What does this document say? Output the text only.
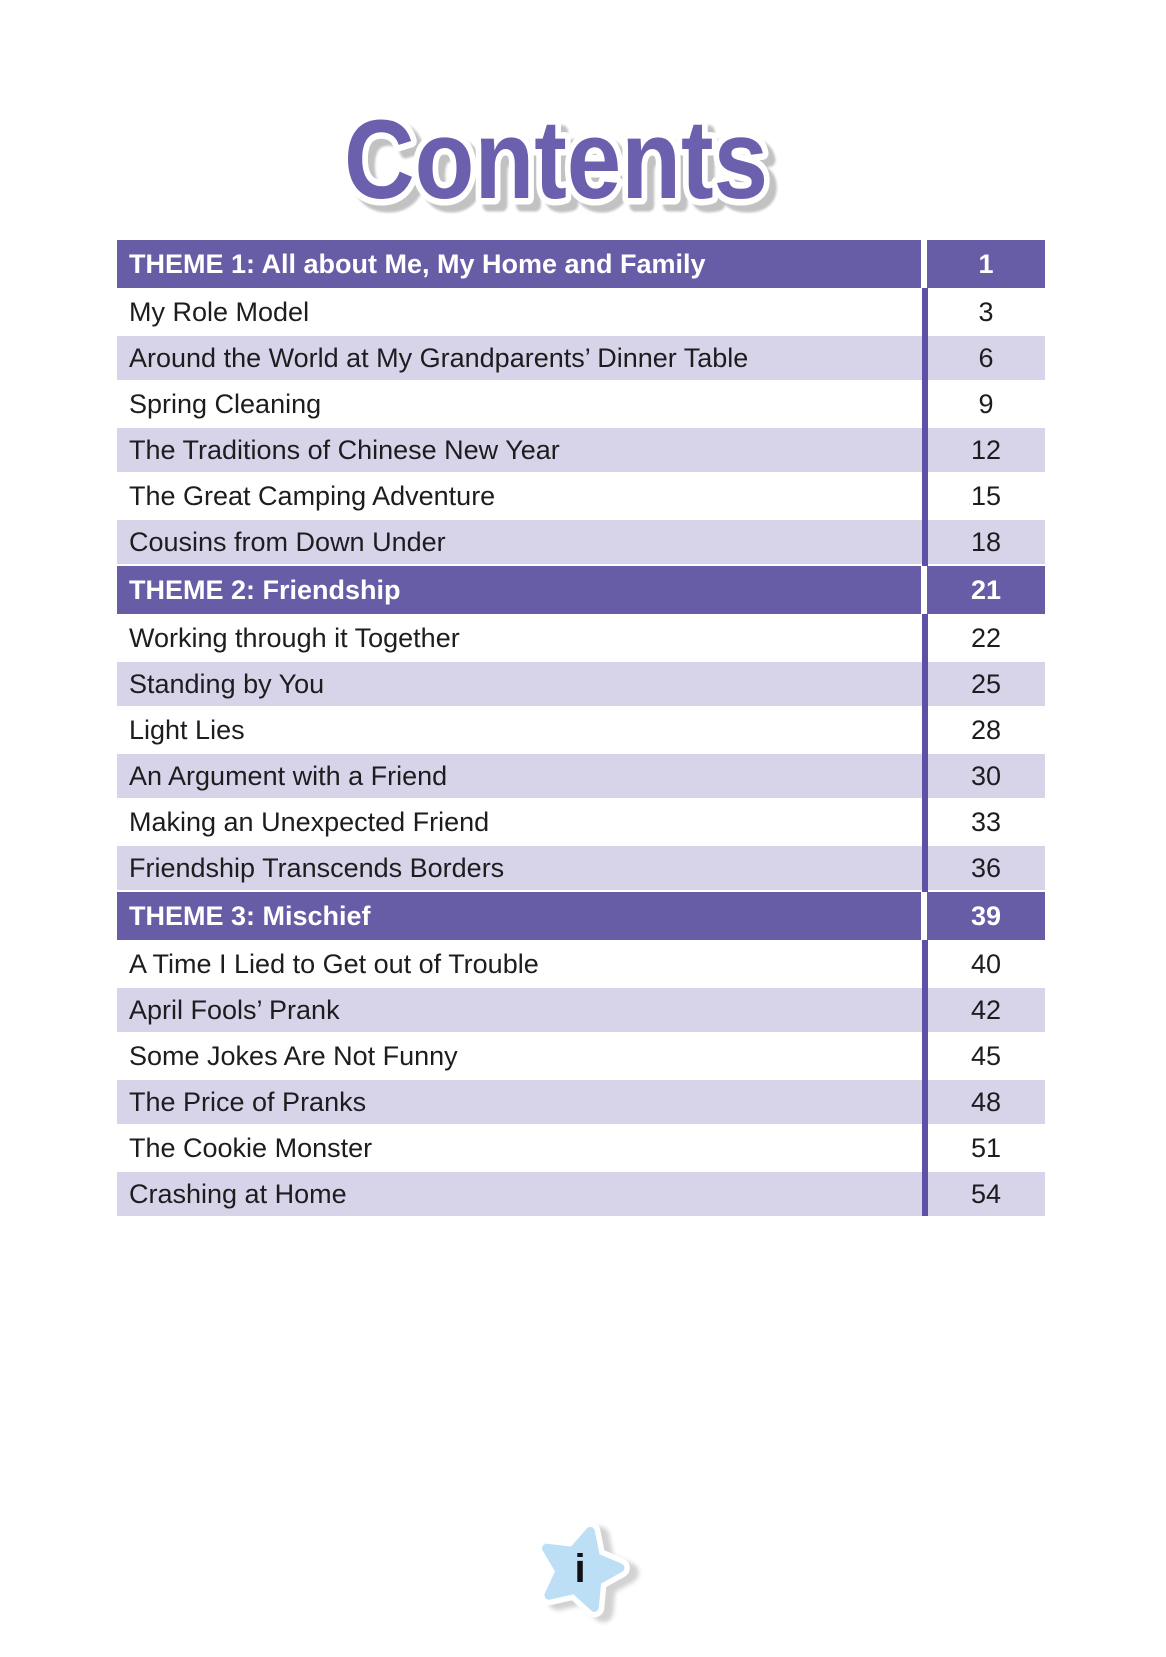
Contents
THEME 1: All about Me, My Home and Family	1
My Role Model	3
Around the World at My Grandparents’ Dinner Table	6
Spring Cleaning	9
The Traditions of Chinese New Year	12
The Great Camping Adventure	15
Cousins from Down Under	18
THEME 2: Friendship	21
Working through it Together	22
Standing by You	25
Light Lies	28
An Argument with a Friend	30
Making an Unexpected Friend	33
Friendship Transcends Borders	36
THEME 3: Mischief	39
A Time I Lied to Get out of Trouble	40
April Fools’ Prank	42
Some Jokes Are Not Funny	45
The Price of Pranks	48
The Cookie Monster	51
Crashing at Home	54
i
